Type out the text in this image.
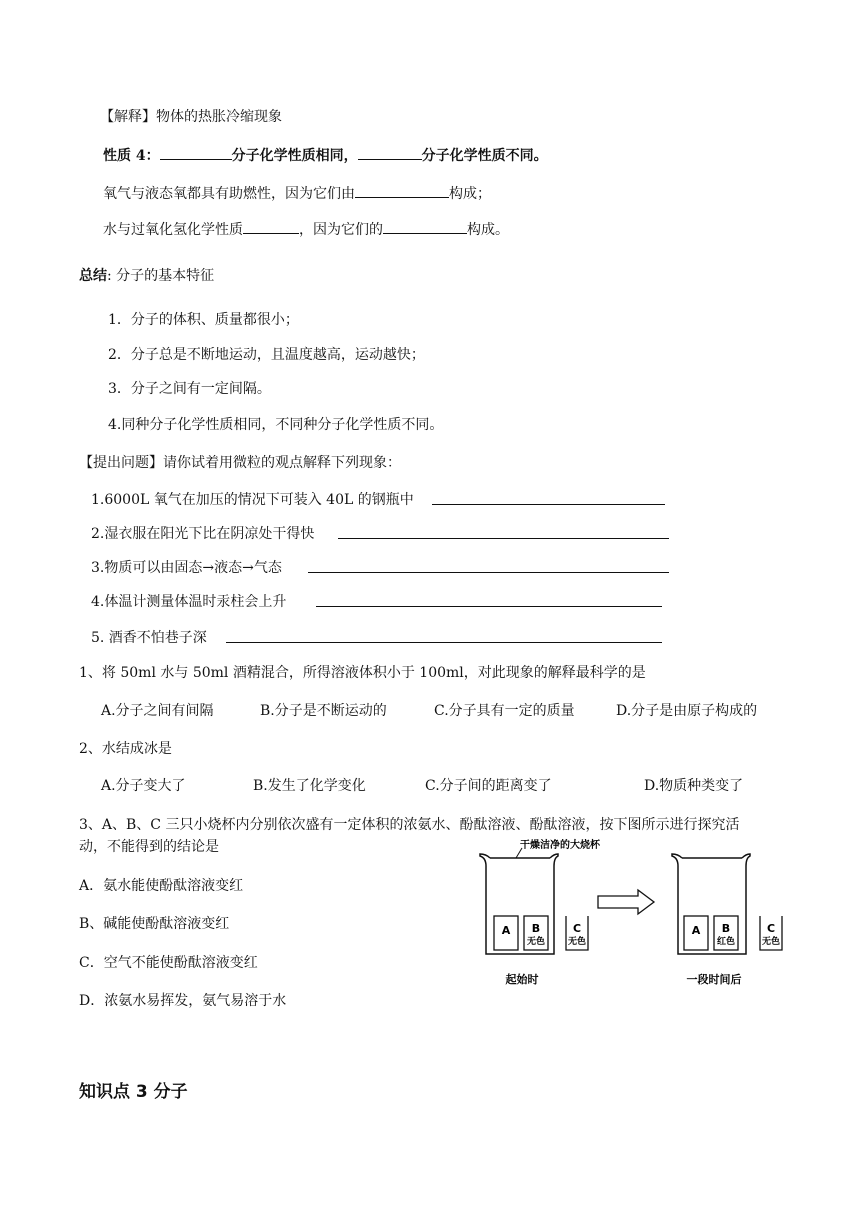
【解释】物体的热胀冷缩现象
性质 4：	分子化学性质相同，	分子化学性质不同。
氧气与液态氧都具有助燃性，因为它们由	构成；
水与过氧化氢化学性质	，因为它们的	构成。
总结: 分子的基本特征
1．分子的体积、质量都很小；
2．分子总是不断地运动，且温度越高，运动越快；
3．分子之间有一定间隔。
4.同种分子化学性质相同，不同种分子化学性质不同。
【提出问题】请你试着用微粒的观点解释下列现象：
1.6000L 氧气在加压的情况下可装入 40L 的钢瓶中
2.湿衣服在阳光下比在阴凉处干得快
3.物质可以由固态→液态→气态
4.体温计测量体温时汞柱会上升
5. 酒香不怕巷子深
1、将 50ml 水与 50ml 酒精混合，所得溶液体积小于 100ml，对此现象的解释最科学的是
A.分子之间有间隔	B.分子是不断运动的	C.分子具有一定的质量	D.分子是由原子构成的
2、水结成冰是
A.分子变大了	B.发生了化学变化	C.分子间的距离变了	D.物质种类变了
3、A、B、C 三只小烧杯内分别依次盛有一定体积的浓氨水、酚酞溶液、酚酞溶液，按下图所示进行探究活
动，不能得到的结论是
A．氨水能使酚酞溶液变红
B、碱能使酚酞溶液变红
C．空气不能使酚酞溶液变红
D．浓氨水易挥发，氨气易溶于水
干燥洁净的大烧杯
A B
无色
C
无色
起始时
A B
红色
C
无色
一段时间后
知识点 3 分子
